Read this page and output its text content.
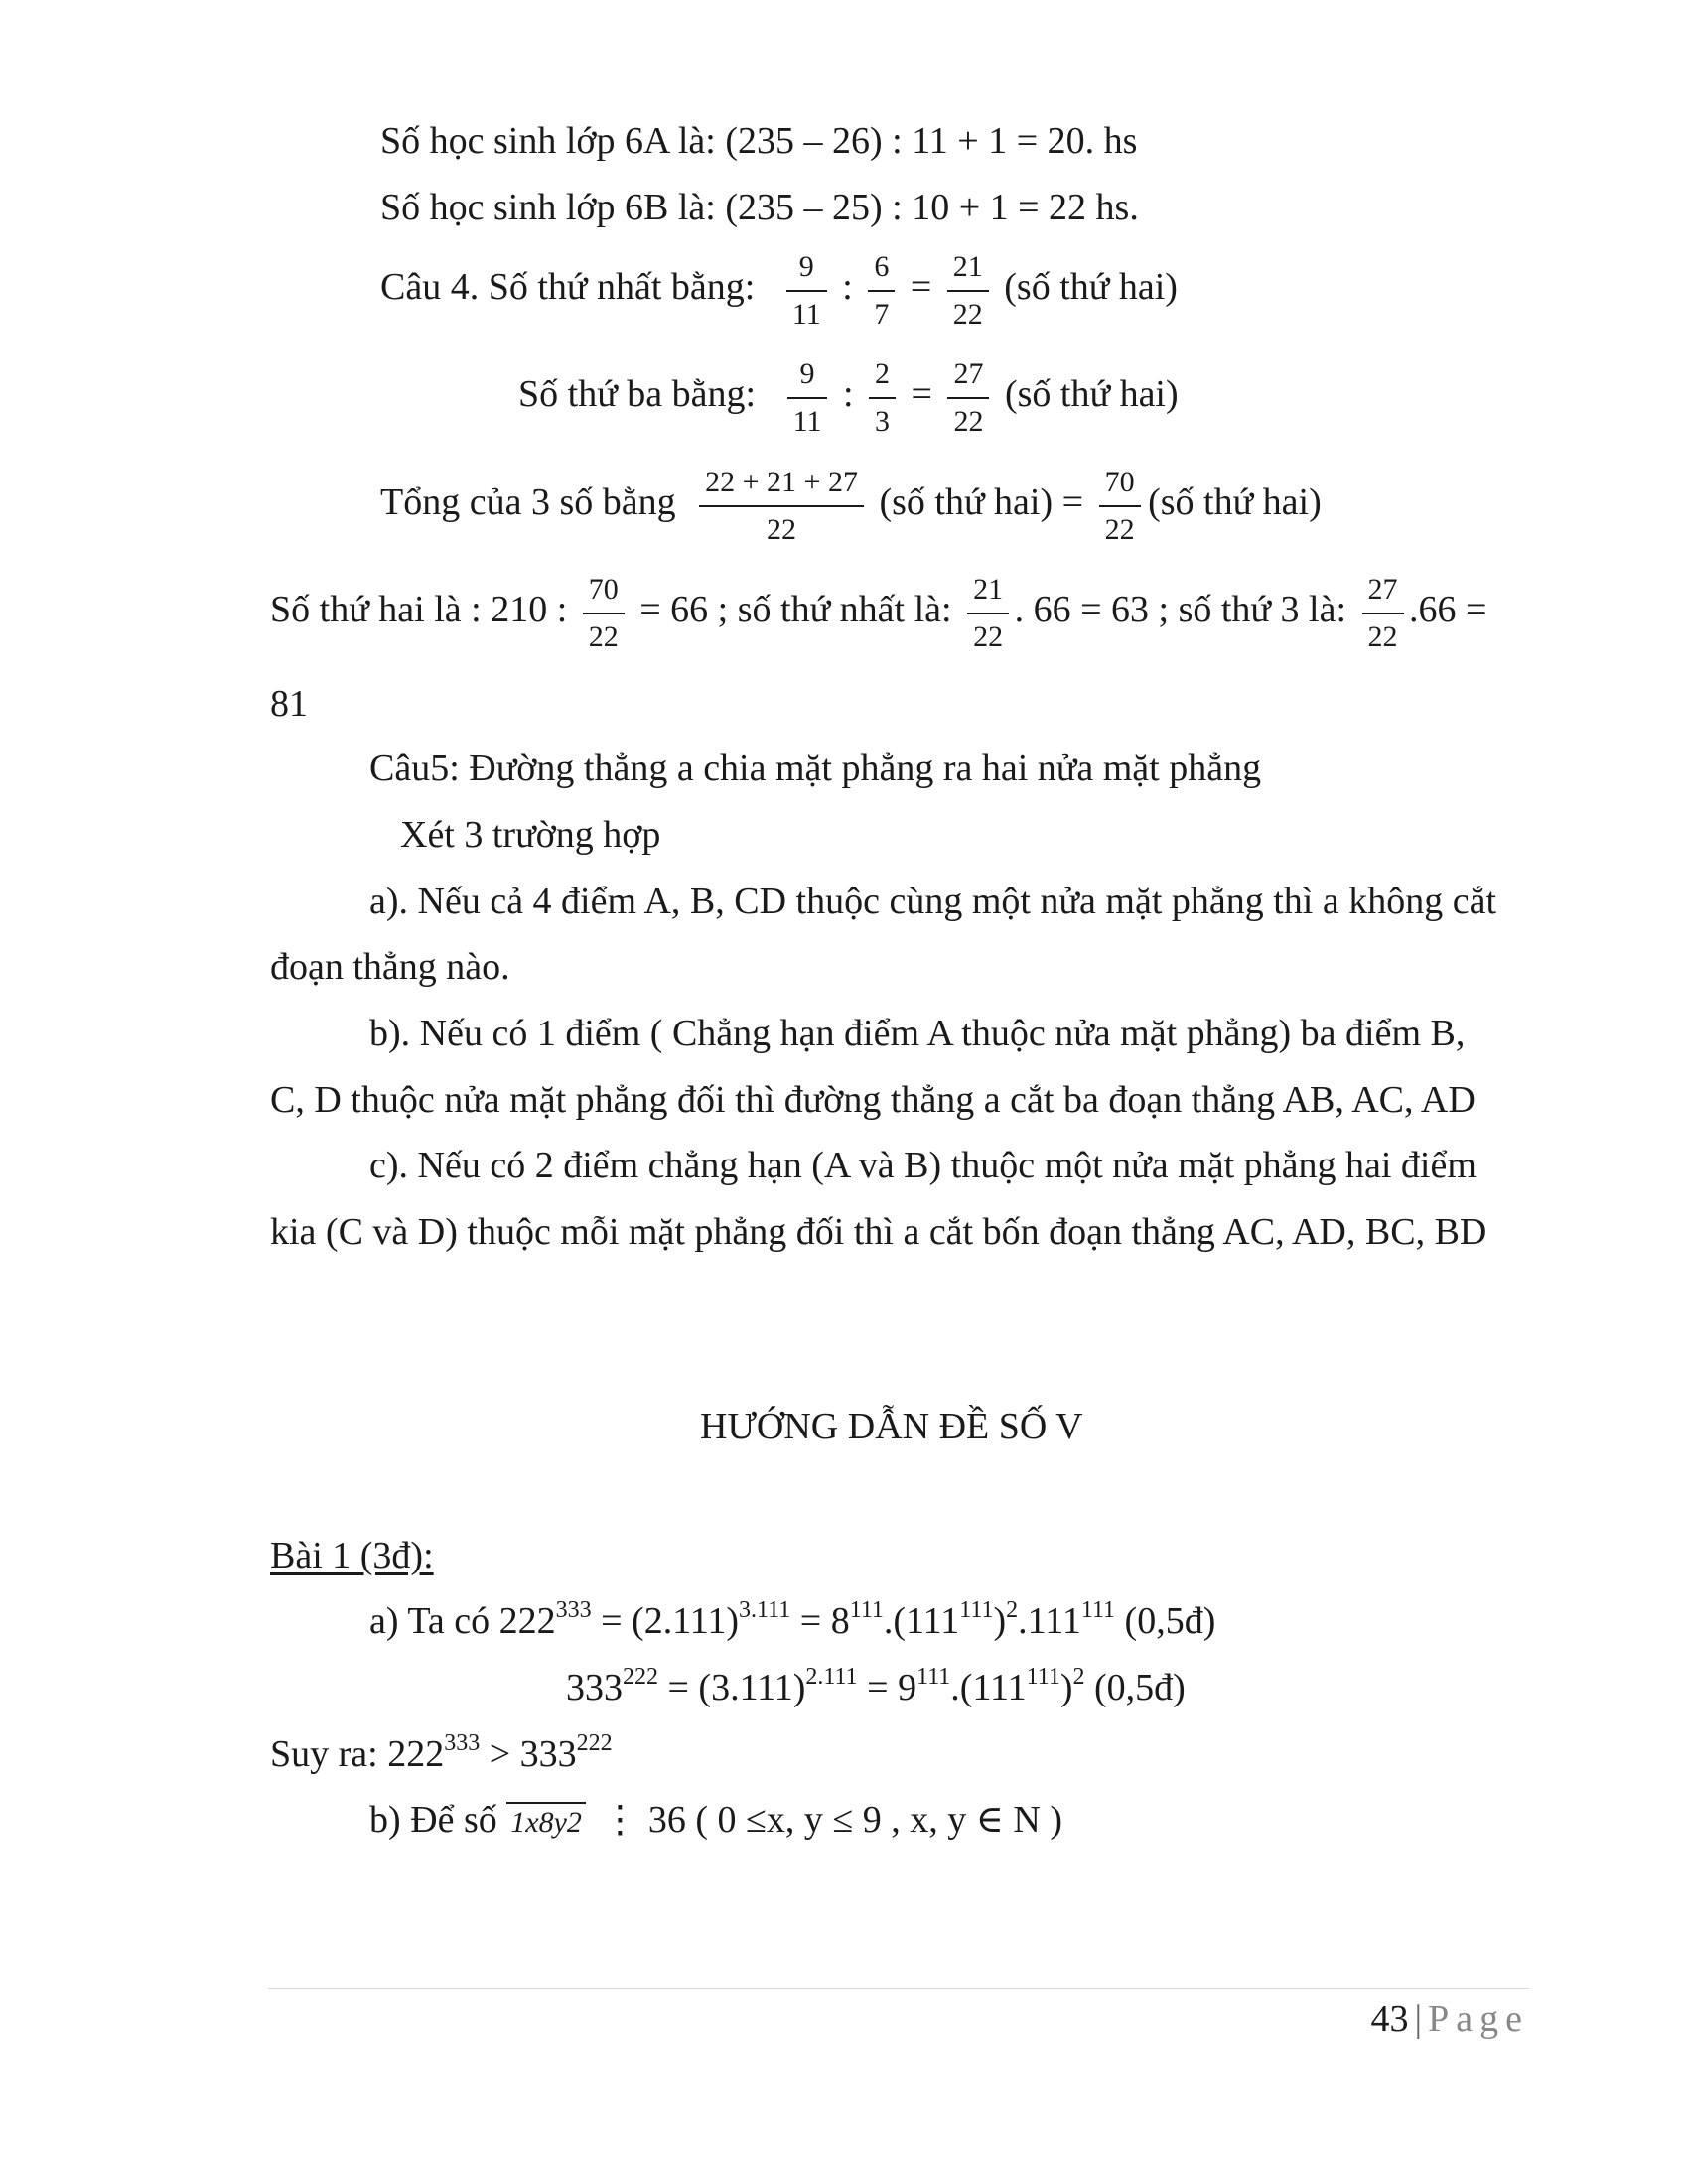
Số học sinh lớp 6A là: (235 – 26) : 11 + 1 = 20. hs
Số học sinh lớp 6B là: (235 – 25) : 10 + 1 = 22 hs.
Câu 4. Số thứ nhất bằng: $\frac{9}{11}$ : $\frac{6}{7} = \frac{21}{22}$ (số thứ hai)
Số thứ ba bằng: $\frac{9}{11}$ : $\frac{2}{3} = \frac{27}{22}$ (số thứ hai)
Tổng của 3 số bằng $\frac{22 + 21 + 27}{22}$ (số thứ $hai) = \frac{70}{22}$ (số thứ hai)
Số thứ hai là : 210 : $\frac{70}{22} = 66$ ; số thứ nhất là: $\frac{21}{22}$ . 66 = 63 ; số thứ 3 là: $\frac{27}{22} .66$ =
81
Câu5: Đường thẳng a chia mặt phẳng ra hai nửa mặt phẳng
Xét 3 trường hợp
a). Nếu cả 4 điểm A, B, CD thuộc cùng một nửa mặt phẳng thì a không cắt
đoạn thẳng nào.
b). Nếu có 1 điểm ( Chẳng hạn điểm A thuộc nửa mặt phẳng) ba điểm B,
C, D thuộc nửa mặt phẳng đối thì đường thẳng a cắt ba đoạn thẳng AB, AC, AD
c). Nếu có 2 điểm chẳng hạn (A và B) thuộc một nửa mặt phẳng hai điểm
kia (C và D) thuộc mỗi mặt phẳng đối thì a cắt bốn đoạn thẳng AC, AD, BC, BD
HƯỚNG DẪN ĐỀ SỐ V
Bài 1 (3đ):
a) Ta có $222^{333} = (2.111)^{3.111} = 8^{111}.(111^{111})^2.111^{111}$ (0,5đ)
$333^{222} = (3.111)^{2.111} = 9^{111}.(111^{111})^2$ (0,5đ)
Suy ra: $222^{333} > 333^{222}$
b) Để số 1x8y2 ⋮ 36 ( 0 ≤x, y ≤ 9 , x, y ∈ N )
43 | Page
